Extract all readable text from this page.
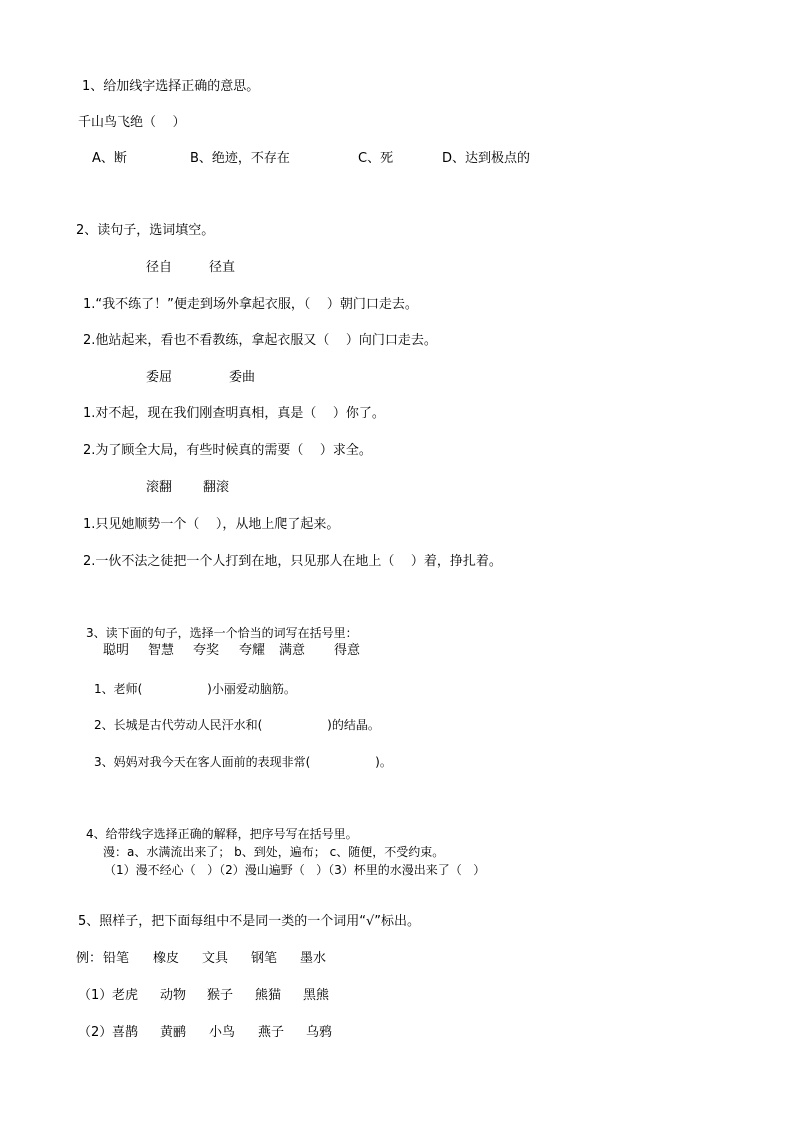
1、给加线字选择正确的意思。
千山鸟飞绝（    ）
A、断	B、绝迹，不存在	C、死	D、达到极点的
2、读句子，选词填空。
径自	径直
1.“我不练了！”便走到场外拿起衣服，（    ）朝门口走去。
2.他站起来，看也不看教练，拿起衣服又（    ）向门口走去。
委屈	委曲
1.对不起，现在我们刚查明真相，真是（    ）你了。
2.为了顾全大局，有些时候真的需要（    ）求全。
滚翻 翻滚
1.只见她顺势一个（    ），从地上爬了起来。
2.一伙不法之徒把一个人打到在地，只见那人在地上（    ）着，挣扎着。
3、读下面的句子，选择一个恰当的词写在括号里：
聪明 智慧 夸奖 夸耀 满意 得意
1、老师(                 )小丽爱动脑筋。
2、长城是古代劳动人民汗水和(                 )的结晶。
3、妈妈对我今天在客人面前的表现非常(                 )。
4、给带线字选择正确的解释，把序号写在括号里。
漫：a、水满流出来了； b、到处，遍布； c、随便，不受约束。
（1）漫不经心（   ）（2）漫山遍野（   ）（3）杯里的水漫出来了（   ）
5、照样子，把下面每组中不是同一类的一个词用“√”标出。
例： 铅笔 橡皮 文具 钢笔 墨水
（1） 老虎 动物 猴子 熊猫 黑熊
（2） 喜鹊 黄鹂 小鸟 燕子 乌鸦
